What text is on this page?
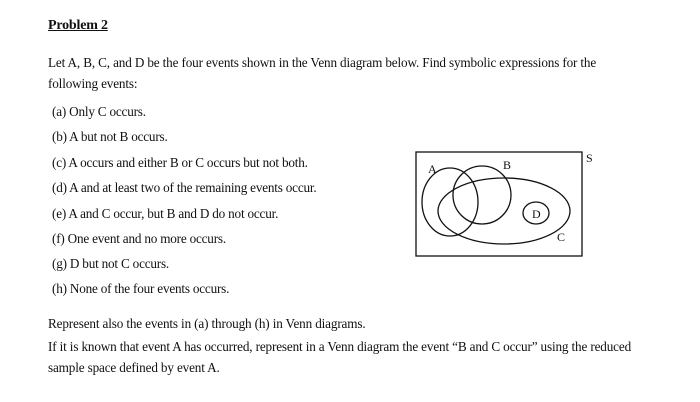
Problem 2
Let A, B, C, and D be the four events shown in the Venn diagram below. Find symbolic expressions for the following events:
(a) Only C occurs.
(b) A but not B occurs.
(c) A occurs and either B or C occurs but not both.
(d) A and at least two of the remaining events occur.
(e) A and C occur, but B and D do not occur.
(f) One event and no more occurs.
(g) D but not C occurs.
(h) None of the four events occurs.
Represent also the events in (a) through (h) in Venn diagrams.
If it is known that event A has occurred, represent in a Venn diagram the event “B and C occur” using the reduced sample space defined by event A.
S
A	B
C
D
